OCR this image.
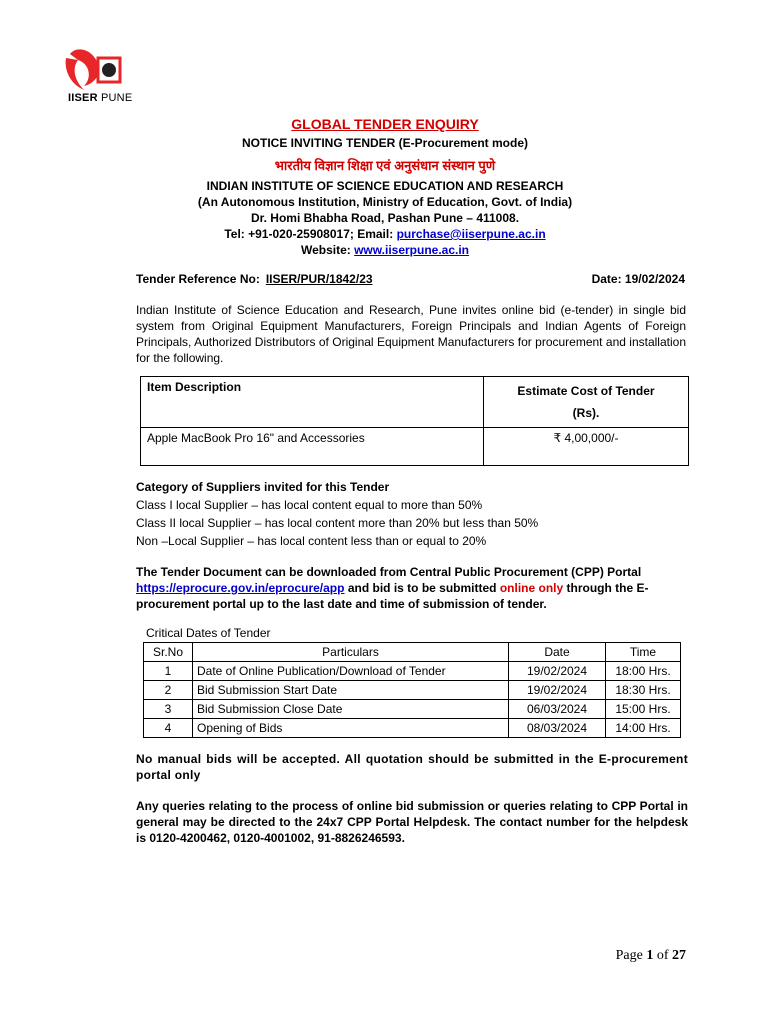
IISER PUNE
GLOBAL TENDER ENQUIRY
NOTICE INVITING TENDER (E-Procurement mode)
भारतीय विज्ञान शिक्षा एवं अनुसंधान संस्थान पुणे
INDIAN INSTITUTE OF SCIENCE EDUCATION AND RESEARCH
(An Autonomous Institution, Ministry of Education, Govt. of India)
Dr. Homi Bhabha Road, Pashan Pune – 411008.
Tel: +91-020-25908017; Email: purchase@iiserpune.ac.in
Website: www.iiserpune.ac.in
Tender Reference No: IISER/PUR/1842/23	Date: 19/02/2024
Indian Institute of Science Education and Research, Pune invites online bid (e-tender) in single bid system from Original Equipment Manufacturers, Foreign Principals and Indian Agents of Foreign Principals, Authorized Distributors of Original Equipment Manufacturers for procurement and installation for the following.
Item Description	Estimate Cost of Tender
(Rs).

Apple MacBook Pro 16" and Accessories	₹ 4,00,000/-
Category of Suppliers invited for this Tender
Class I local Supplier – has local content equal to more than 50%
Class II local Supplier – has local content more than 20% but less than 50%
Non –Local Supplier – has local content less than or equal to 20%
The Tender Document can be downloaded from Central Public Procurement (CPP) Portal https://eprocure.gov.in/eprocure/app and bid is to be submitted online only through the E-procurement portal up to the last date and time of submission of tender.
Critical Dates of Tender
Sr.No	Particulars	Date	Time
1	Date of Online Publication/Download of Tender	19/02/2024	18:00 Hrs.
2	Bid Submission Start Date	19/02/2024	18:30 Hrs.
3	Bid Submission Close Date	06/03/2024	15:00 Hrs.
4	Opening of Bids	08/03/2024	14:00 Hrs.
No manual bids will be accepted. All quotation should be submitted in the E-procurement portal only
Any queries relating to the process of online bid submission or queries relating to CPP Portal in general may be directed to the 24x7 CPP Portal Helpdesk. The contact number for the helpdesk is 0120-4200462, 0120-4001002, 91-8826246593.
Page 1 of 27
